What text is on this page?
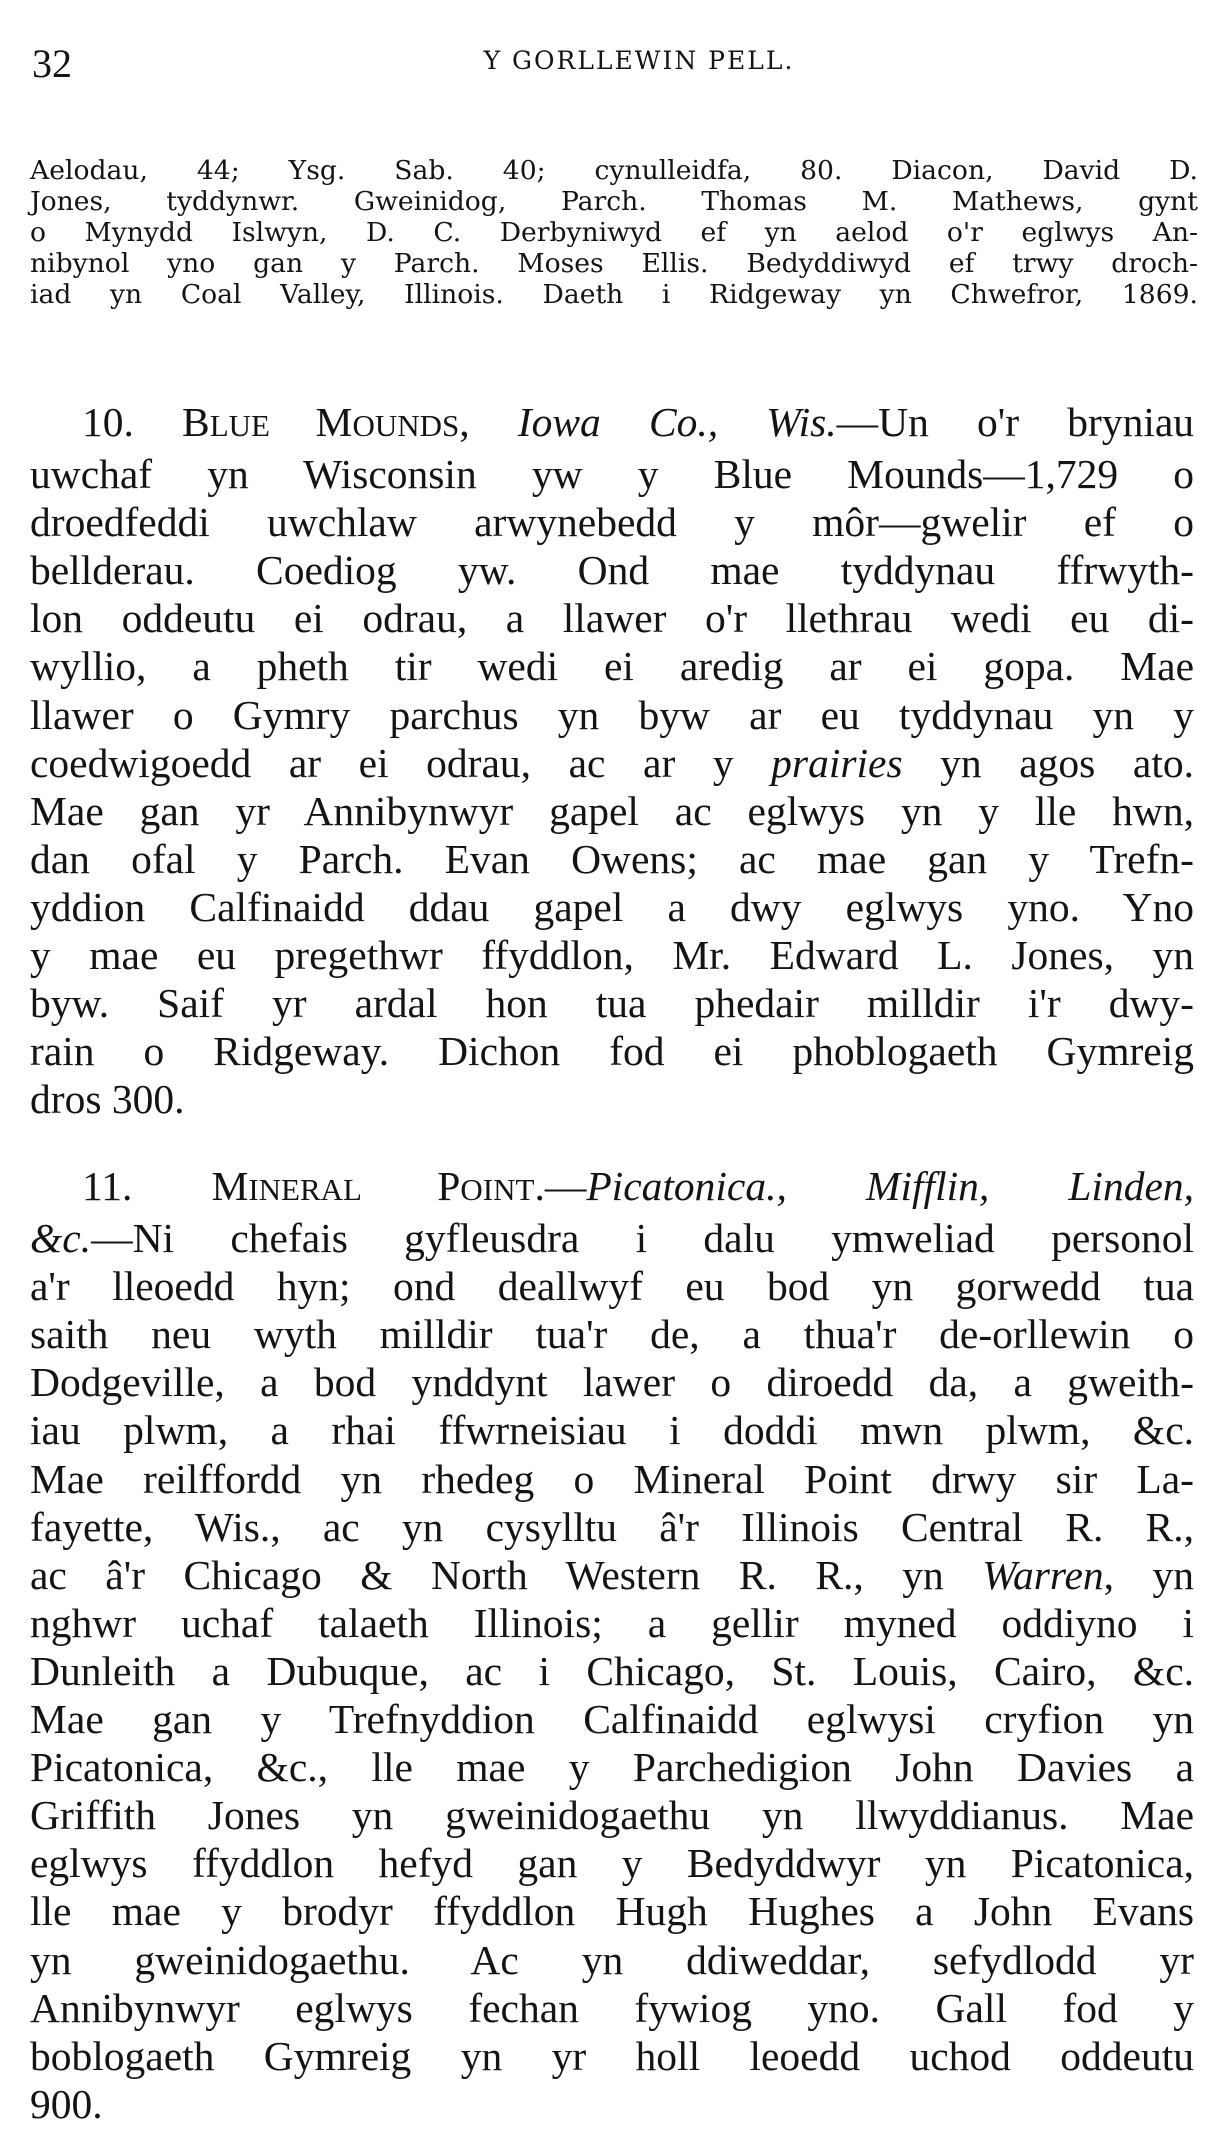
32	Y GORLLEWIN PELL.
Aelodau, 44; Ysg. Sab. 40; cynulleidfa, 80. Diacon, David D.
Jones, tyddynwr. Gweinidog, Parch. Thomas M. Mathews, gynt
o Mynydd Islwyn, D. C. Derbyniwyd ef yn aelod o'r eglwys An-
nibynol yno gan y Parch. Moses Ellis. Bedyddiwyd ef trwy droch-
iad yn Coal Valley, Illinois. Daeth i Ridgeway yn Chwefror, 1869.
10. BLUE MOUNDS, Iowa Co., Wis.—Un o'r bryniau
uwchaf yn Wisconsin yw y Blue Mounds—1,729 o
droedfeddi uwchlaw arwynebedd y môr—gwelir ef o
bellderau. Coediog yw. Ond mae tyddynau ffrwyth-
lon oddeutu ei odrau, a llawer o'r llethrau wedi eu di-
wyllio, a pheth tir wedi ei aredig ar ei gopa. Mae
llawer o Gymry parchus yn byw ar eu tyddynau yn y
coedwigoedd ar ei odrau, ac ar y prairies yn agos ato.
Mae gan yr Annibynwyr gapel ac eglwys yn y lle hwn,
dan ofal y Parch. Evan Owens; ac mae gan y Trefn-
yddion Calfinaidd ddau gapel a dwy eglwys yno. Yno
y mae eu pregethwr ffyddlon, Mr. Edward L. Jones, yn
byw. Saif yr ardal hon tua phedair milldir i'r dwy-
rain o Ridgeway. Dichon fod ei phoblogaeth Gymreig
dros 300.
11. MINERAL POINT.—Picatonica., Mifflin, Linden,
&c.—Ni chefais gyfleusdra i dalu ymweliad personol
a'r lleoedd hyn; ond deallwyf eu bod yn gorwedd tua
saith neu wyth milldir tua'r de, a thua'r de-orllewin o
Dodgeville, a bod ynddynt lawer o diroedd da, a gweith-
iau plwm, a rhai ffwrneisiau i doddi mwn plwm, &c.
Mae reilffordd yn rhedeg o Mineral Point drwy sir La-
fayette, Wis., ac yn cysylltu â'r Illinois Central R. R.,
ac â'r Chicago & North Western R. R., yn Warren, yn
nghwr uchaf talaeth Illinois; a gellir myned oddiyno i
Dunleith a Dubuque, ac i Chicago, St. Louis, Cairo, &c.
Mae gan y Trefnyddion Calfinaidd eglwysi cryfion yn
Picatonica, &c., lle mae y Parchedigion John Davies a
Griffith Jones yn gweinidogaethu yn llwyddianus. Mae
eglwys ffyddlon hefyd gan y Bedyddwyr yn Picatonica,
lle mae y brodyr ffyddlon Hugh Hughes a John Evans
yn gweinidogaethu. Ac yn ddiweddar, sefydlodd yr
Annibynwyr eglwys fechan fywiog yno. Gall fod y
boblogaeth Gymreig yn yr holl leoedd uchod oddeutu
900.
